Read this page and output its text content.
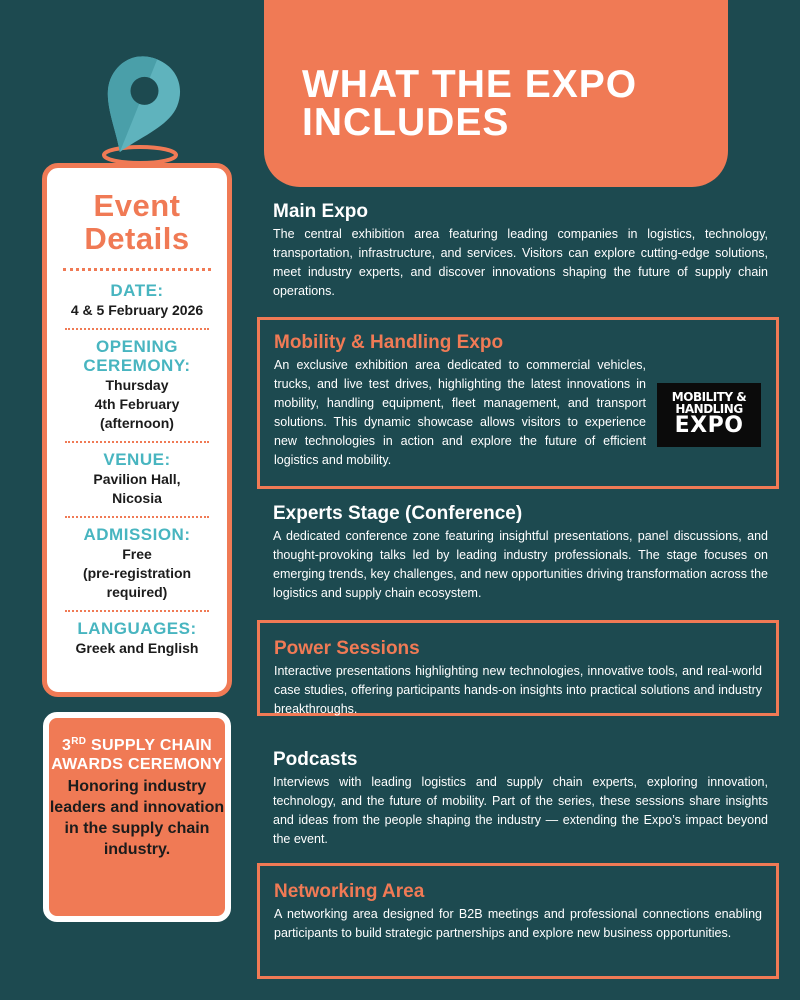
Event
Details
DATE:
4 & 5 February 2026
OPENING CEREMONY:
Thursday
4th February
(afternoon)
VENUE:
Pavilion Hall,
Nicosia
ADMISSION:
Free
(pre-registration
required)
LANGUAGES:
Greek and English
3RD SUPPLY CHAIN AWARDS CEREMONY
Honoring industry leaders and innovation in the supply chain industry.
WHAT THE EXPO INCLUDES
Main Expo
The central exhibition area featuring leading companies in logistics, technology, transportation, infrastructure, and services. Visitors can explore cutting-edge solutions, meet industry experts, and discover innovations shaping the future of supply chain operations.
Mobility & Handling Expo
An exclusive exhibition area dedicated to commercial vehicles, trucks, and live test drives, highlighting the latest innovations in mobility, handling equipment, fleet management, and transport solutions. This dynamic showcase allows visitors to experience new technologies in action and explore the future of efficient logistics and mobility.
MOBILITY &
HANDLING
EXPO
Experts Stage (Conference)
A dedicated conference zone featuring insightful presentations, panel discussions, and thought-provoking talks led by leading industry professionals. The stage focuses on emerging trends, key challenges, and new opportunities driving transformation across the logistics and supply chain ecosystem.
Power Sessions
Interactive presentations highlighting new technologies, innovative tools, and real-world case studies, offering participants hands-on insights into practical solutions and industry breakthroughs.
Podcasts
Interviews with leading logistics and supply chain experts, exploring innovation, technology, and the future of mobility. Part of the series, these sessions share insights and ideas from the people shaping the industry — extending the Expo’s impact beyond the event.
Networking Area
A networking area designed for B2B meetings and professional connections enabling participants to build strategic partnerships and explore new business opportunities.
